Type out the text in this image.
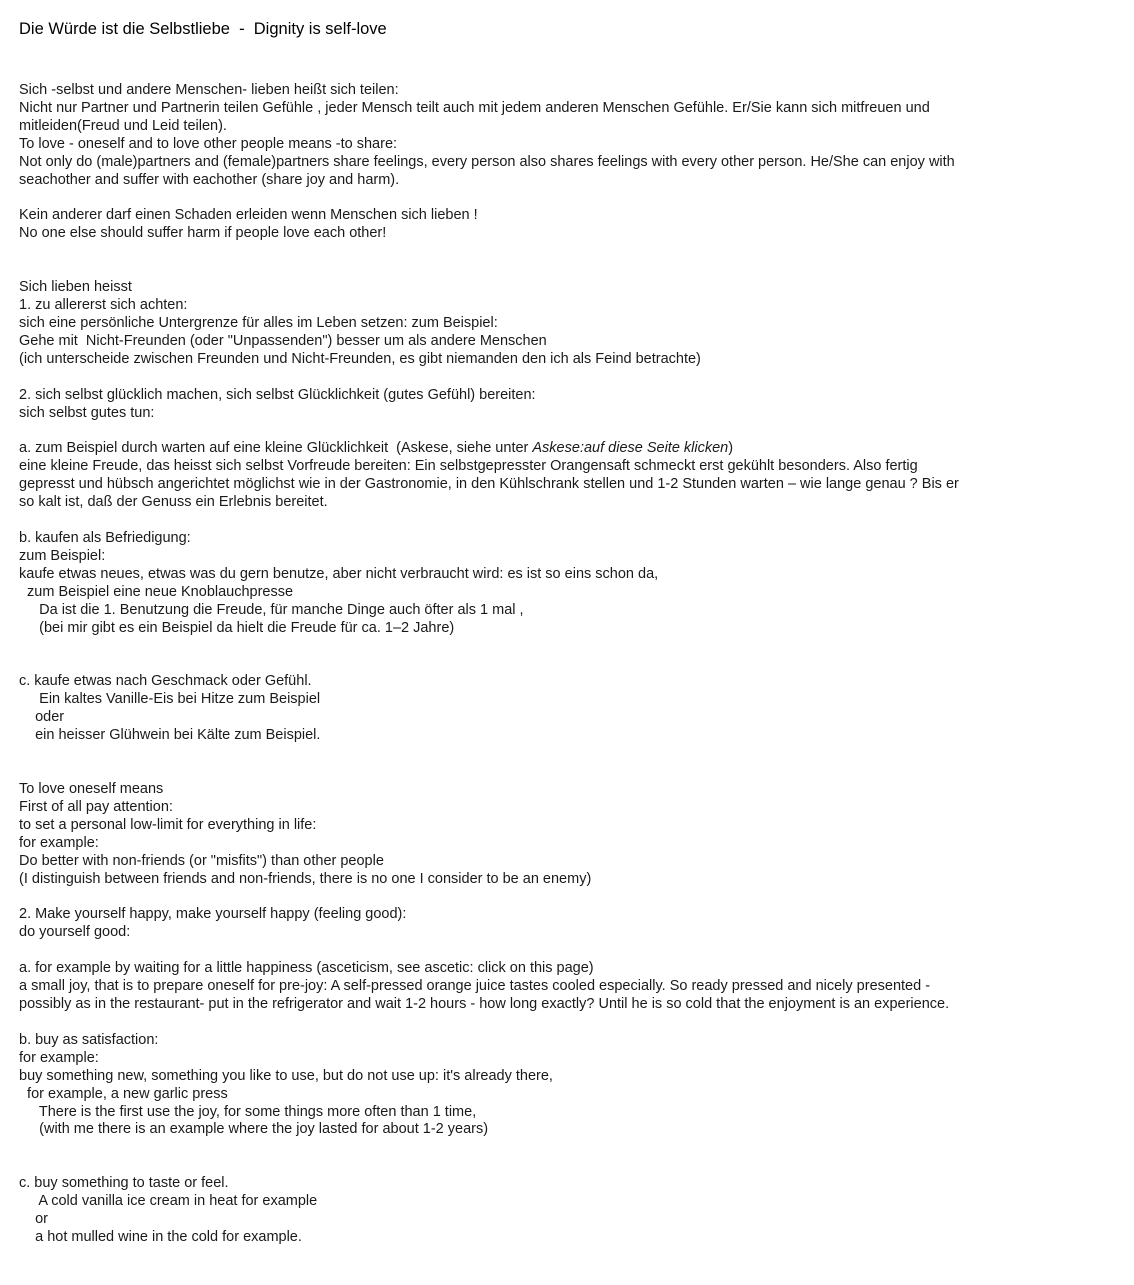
Die Würde ist die Selbstliebe  -  Dignity is self-love
Sich -selbst und andere Menschen- lieben heißt sich teilen:
Nicht nur Partner und Partnerin teilen Gefühle , jeder Mensch teilt auch mit jedem anderen Menschen Gefühle. Er/Sie kann sich mitfreuen und
mitleiden(Freud und Leid teilen).
To love - oneself and to love other people means -to share:
Not only do (male)partners and (female)partners share feelings, every person also shares feelings with every other person. He/She can enjoy with
seachother and suffer with eachother (share joy and harm).
Kein anderer darf einen Schaden erleiden wenn Menschen sich lieben !
No one else should suffer harm if people love each other!
Sich lieben heisst
1. zu allererst sich achten:
sich eine persönliche Untergrenze für alles im Leben setzen: zum Beispiel:
Gehe mit  Nicht-Freunden (oder "Unpassenden") besser um als andere Menschen
(ich unterscheide zwischen Freunden und Nicht-Freunden, es gibt niemanden den ich als Feind betrachte)
2. sich selbst glücklich machen, sich selbst Glücklichkeit (gutes Gefühl) bereiten:
sich selbst gutes tun:
a. zum Beispiel durch warten auf eine kleine Glücklichkeit  (Askese, siehe unter Askese:auf diese Seite klicken)
eine kleine Freude, das heisst sich selbst Vorfreude bereiten: Ein selbstgepresster Orangensaft schmeckt erst gekühlt besonders. Also fertig
gepresst und hübsch angerichtet möglichst wie in der Gastronomie, in den Kühlschrank stellen und 1-2 Stunden warten – wie lange genau ? Bis er
so kalt ist, daß der Genuss ein Erlebnis bereitet.
b. kaufen als Befriedigung:
zum Beispiel:
kaufe etwas neues, etwas was du gern benutze, aber nicht verbraucht wird: es ist so eins schon da,
zum Beispiel eine neue Knoblauchpresse
Da ist die 1. Benutzung die Freude, für manche Dinge auch öfter als 1 mal ,
(bei mir gibt es ein Beispiel da hielt die Freude für ca. 1–2 Jahre)
c. kaufe etwas nach Geschmack oder Gefühl.
Ein kaltes Vanille-Eis bei Hitze zum Beispiel
oder
ein heisser Glühwein bei Kälte zum Beispiel.
To love oneself means
First of all pay attention:
to set a personal low-limit for everything in life:
for example:
Do better with non-friends (or "misfits") than other people
(I distinguish between friends and non-friends, there is no one I consider to be an enemy)
2. Make yourself happy, make yourself happy (feeling good):
do yourself good:
a. for example by waiting for a little happiness (asceticism, see ascetic: click on this page)
a small joy, that is to prepare oneself for pre-joy: A self-pressed orange juice tastes cooled especially. So ready pressed and nicely presented -
possibly as in the restaurant- put in the refrigerator and wait 1-2 hours - how long exactly? Until he is so cold that the enjoyment is an experience.
b. buy as satisfaction:
for example:
buy something new, something you like to use, but do not use up: it's already there,
for example, a new garlic press
There is the first use the joy, for some things more often than 1 time,
(with me there is an example where the joy lasted for about 1-2 years)
c. buy something to taste or feel.
A cold vanilla ice cream in heat for example
or
a hot mulled wine in the cold for example.
